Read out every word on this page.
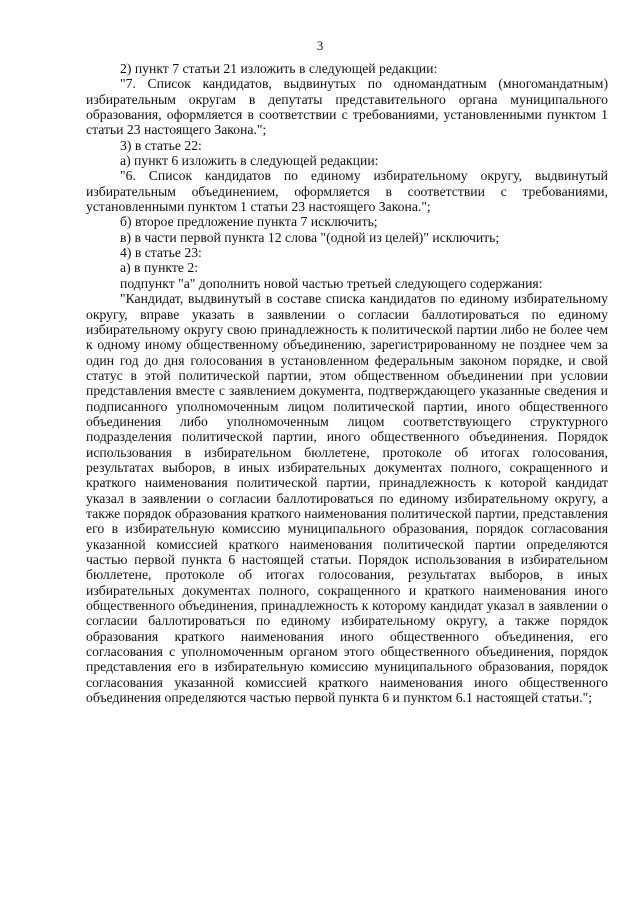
3

2) пункт 7 статьи 21 изложить в следующей редакции:

"7. Список кандидатов, выдвинутых по одномандатным (многомандатным) избирательным округам в депутаты представительного органа муниципального образования, оформляется в соответствии с требованиями, установленными пунктом 1 статьи 23 настоящего Закона.";

3) в статье 22:

а) пункт 6 изложить в следующей редакции:

"6. Список кандидатов по единому избирательному округу, выдвинутый избирательным объединением, оформляется в соответствии с требованиями, установленными пунктом 1 статьи 23 настоящего Закона.";

б) второе предложение пункта 7 исключить;

в) в части первой пункта 12 слова "(одной из целей)" исключить;

4) в статье 23:

а) в пункте 2:

подпункт "а" дополнить новой частью третьей следующего содержания:

"Кандидат, выдвинутый в составе списка кандидатов по единому избирательному округу, вправе указать в заявлении о согласии баллотироваться по единому избирательному округу свою принадлежность к политической партии либо не более чем к одному иному общественному объединению, зарегистрированному не позднее чем за один год до дня голосования в установленном федеральным законом порядке, и свой статус в этой политической партии, этом общественном объединении при условии представления вместе с заявлением документа, подтверждающего указанные сведения и подписанного уполномоченным лицом политической партии, иного общественного объединения либо уполномоченным лицом соответствующего структурного подразделения политической партии, иного общественного объединения. Порядок использования в избирательном бюллетене, протоколе об итогах голосования, результатах выборов, в иных избирательных документах полного, сокращенного и краткого наименования политической партии, принадлежность к которой кандидат указал в заявлении о согласии баллотироваться по единому избирательному округу, а также порядок образования краткого наименования политической партии, представления его в избирательную комиссию муниципального образования, порядок согласования указанной комиссией краткого наименования политической партии определяются частью первой пункта 6 настоящей статьи. Порядок использования в избирательном бюллетене, протоколе об итогах голосования, результатах выборов, в иных избирательных документах полного, сокращенного и краткого наименования иного общественного объединения, принадлежность к которому кандидат указал в заявлении о согласии баллотироваться по единому избирательному округу, а также порядок образования краткого наименования иного общественного объединения, его согласования с уполномоченным органом этого общественного объединения, порядок представления его в избирательную комиссию муниципального образования, порядок согласования указанной комиссией краткого наименования иного общественного объединения определяются частью первой пункта 6 и пунктом 6.1 настоящей статьи.";
